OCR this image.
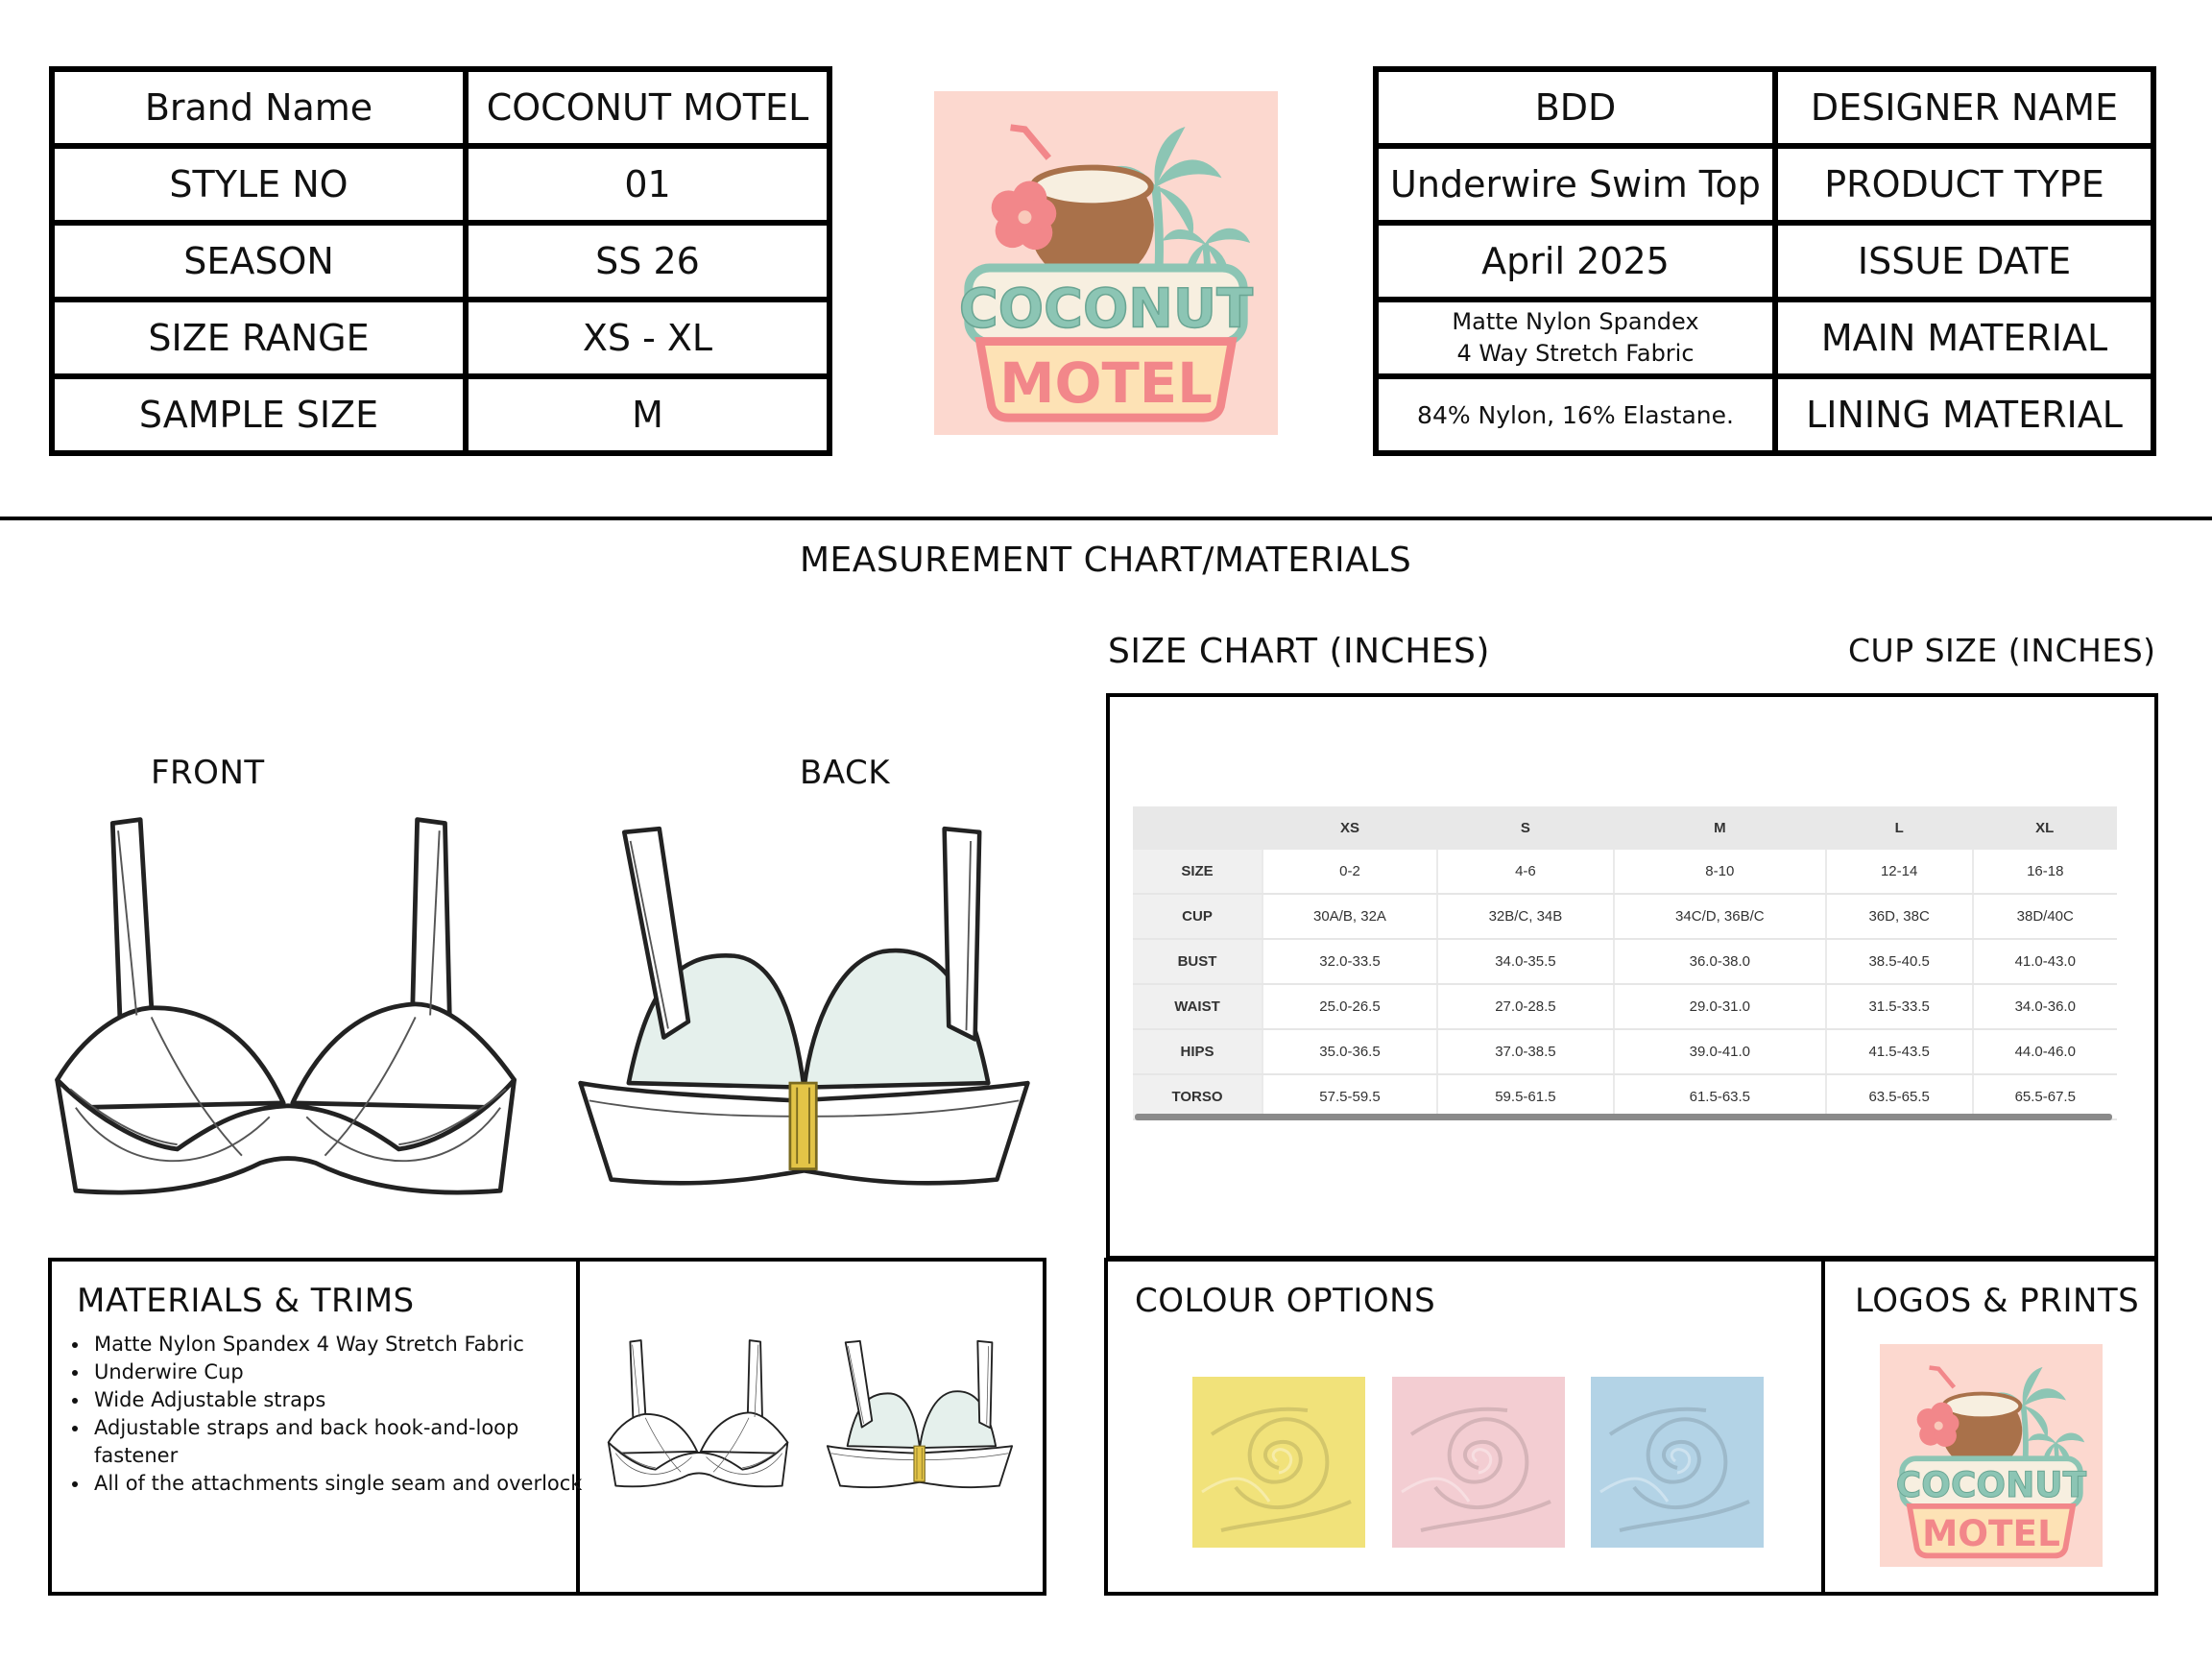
Brand Name	COCONUT MOTEL
STYLE NO	01
SEASON	SS 26
SIZE RANGE	XS - XL
SAMPLE SIZE	M
BDD	DESIGNER NAME
Underwire Swim Top	PRODUCT TYPE
April 2025	ISSUE DATE

Matte Nylon Spandex
4 Way Stretch Fabric	MAIN MATERIAL
84% Nylon, 16% Elastane.	LINING MATERIAL
MEASUREMENT CHART/MATERIALS
FRONT	BACK
SIZE CHART (INCHES)	CUP SIZE (INCHES)
	XS	S	M	L	XL
SIZE	0-2	4-6	8-10	12-14	16-18
CUP	30A/B, 32A	32B/C, 34B	34C/D, 36B/C	36D, 38C	38D/40C
BUST	32.0-33.5	34.0-35.5	36.0-38.0	38.5-40.5	41.0-43.0
WAIST	25.0-26.5	27.0-28.5	29.0-31.0	31.5-33.5	34.0-36.0
HIPS	35.0-36.5	37.0-38.5	39.0-41.0	41.5-43.5	44.0-46.0
TORSO	57.5-59.5	59.5-61.5	61.5-63.5	63.5-65.5	65.5-67.5
MATERIALS & TRIMS
• Matte Nylon Spandex 4 Way Stretch Fabric
• Underwire Cup
• Wide Adjustable straps
• Adjustable straps and back hook-and-loop fastener
• All of the attachments single seam and overlock
COLOUR OPTIONS	LOGOS & PRINTS
